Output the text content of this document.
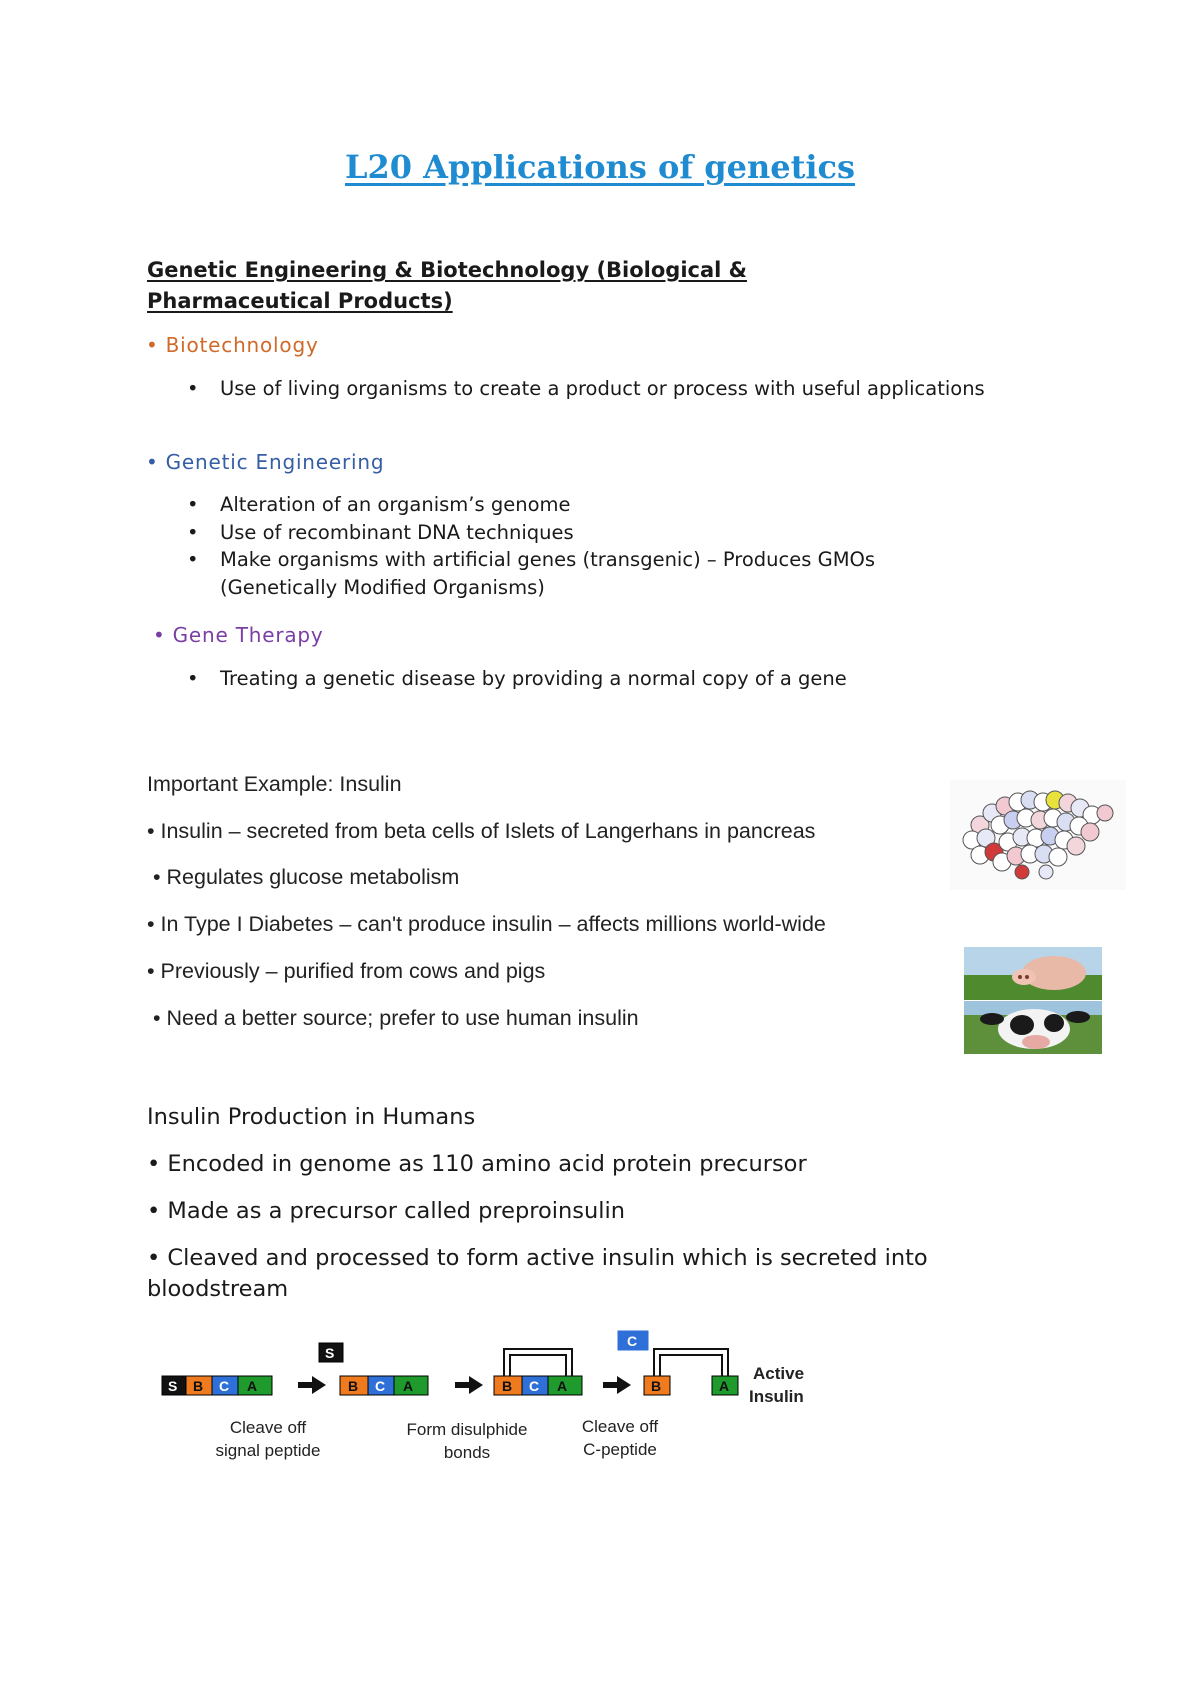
L20 Applications of genetics
Genetic Engineering & Biotechnology (Biological & Pharmaceutical Products)
• Biotechnology
• Use of living organisms to create a product or process with useful applications
• Genetic Engineering
• Alteration of an organism’s genome
• Use of recombinant DNA techniques
• Make organisms with artificial genes (transgenic) – Produces GMOs (Genetically Modified Organisms)
• Gene Therapy
• Treating a genetic disease by providing a normal copy of a gene
Important Example: Insulin
• Insulin – secreted from beta cells of Islets of Langerhans in pancreas
• Regulates glucose metabolism
• In Type I Diabetes – can't produce insulin – affects millions world-wide
• Previously – purified from cows and pigs
• Need a better source; prefer to use human insulin
Insulin Production in Humans
• Encoded in genome as 110 amino acid protein precursor
• Made as a precursor called preproinsulin
• Cleaved and processed to form active insulin which is secreted into bloodstream
S B C A
S
B C A	B C A
C
B	A
Active
Insulin
Cleave off
signal peptide
Form disulphide
bonds
Cleave off
C-peptide
